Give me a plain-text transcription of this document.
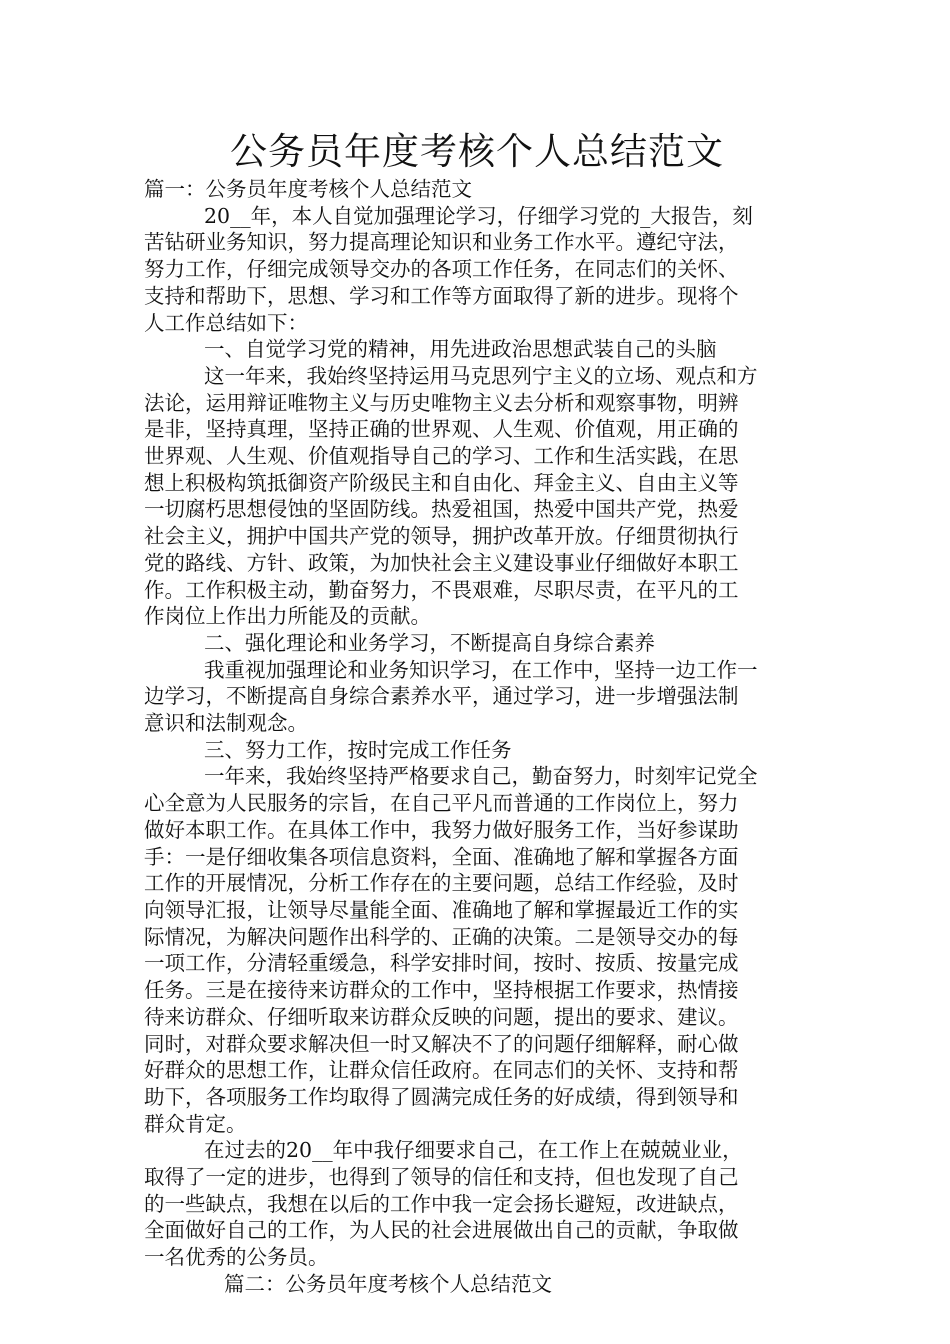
公务员年度考核个人总结范文
篇一：公务员年度考核个人总结范文
20__年，本人自觉加强理论学习，仔细学习党的_大报告，刻
苦钻研业务知识，努力提高理论知识和业务工作水平。遵纪守法，
努力工作，仔细完成领导交办的各项工作任务，在同志们的关怀、
支持和帮助下，思想、学习和工作等方面取得了新的进步。现将个
人工作总结如下：
一、自觉学习党的精神，用先进政治思想武装自己的头脑
这一年来，我始终坚持运用马克思列宁主义的立场、观点和方
法论，运用辩证唯物主义与历史唯物主义去分析和观察事物，明辨
是非，坚持真理，坚持正确的世界观、人生观、价值观，用正确的
世界观、人生观、价值观指导自己的学习、工作和生活实践，在思
想上积极构筑抵御资产阶级民主和自由化、拜金主义、自由主义等
一切腐朽思想侵蚀的坚固防线。热爱祖国，热爱中国共产党，热爱
社会主义，拥护中国共产党的领导，拥护改革开放。仔细贯彻执行
党的路线、方针、政策，为加快社会主义建设事业仔细做好本职工
作。工作积极主动，勤奋努力，不畏艰难，尽职尽责，在平凡的工
作岗位上作出力所能及的贡献。
二、强化理论和业务学习，不断提高自身综合素养
我重视加强理论和业务知识学习，在工作中，坚持一边工作一
边学习，不断提高自身综合素养水平，通过学习，进一步增强法制
意识和法制观念。
三、努力工作，按时完成工作任务
一年来，我始终坚持严格要求自己，勤奋努力，时刻牢记党全
心全意为人民服务的宗旨，在自己平凡而普通的工作岗位上，努力
做好本职工作。在具体工作中，我努力做好服务工作，当好参谋助
手：一是仔细收集各项信息资料，全面、准确地了解和掌握各方面
工作的开展情况，分析工作存在的主要问题，总结工作经验，及时
向领导汇报，让领导尽量能全面、准确地了解和掌握最近工作的实
际情况，为解决问题作出科学的、正确的决策。二是领导交办的每
一项工作，分清轻重缓急，科学安排时间，按时、按质、按量完成
任务。三是在接待来访群众的工作中，坚持根据工作要求，热情接
待来访群众、仔细听取来访群众反映的问题，提出的要求、建议。
同时，对群众要求解决但一时又解决不了的问题仔细解释，耐心做
好群众的思想工作，让群众信任政府。在同志们的关怀、支持和帮
助下，各项服务工作均取得了圆满完成任务的好成绩，得到领导和
群众肯定。
在过去的20__年中我仔细要求自己，在工作上在兢兢业业，
取得了一定的进步，也得到了领导的信任和支持，但也发现了自己
的一些缺点，我想在以后的工作中我一定会扬长避短，改进缺点，
全面做好自己的工作，为人民的社会进展做出自己的贡献，争取做
一名优秀的公务员。
篇二：公务员年度考核个人总结范文
